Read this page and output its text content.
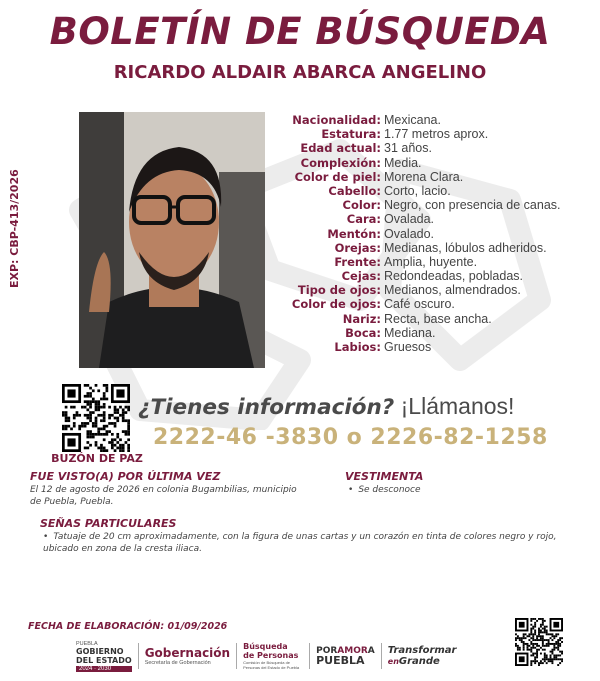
BOLETÍN DE BÚSQUEDA
RICARDO ALDAIR ABARCA ANGELINO
EXP: CBP-413/2026
Nacionalidad: Mexicana.
Estatura: 1.77 metros aprox.
Edad actual: 31 años.
Complexión: Media.
Color de piel: Morena Clara.
Cabello: Corto, lacio.
Color: Negro, con presencia de canas.
Cara: Ovalada.
Mentón: Ovalado.
Orejas: Medianas, lóbulos adheridos.
Frente: Amplia, huyente.
Cejas: Redondeadas, pobladas.
Tipo de ojos: Medianos, almendrados.
Color de ojos: Café oscuro.
Nariz: Recta, base ancha.
Boca: Mediana.
Labios: Gruesos
BUZÓN DE PAZ
¿Tienes información? ¡Llámanos!
2222-46 -3830 o 2226-82-1258
FUE VISTO(A) POR ÚLTIMA VEZ
El 12 de agosto de 2026 en colonia Bugambilias, municipio de Puebla, Puebla.
VESTIMENTA
• Se desconoce
SEÑAS PARTICULARES
• Tatuaje de 20 cm aproximadamente, con la figura de unas cartas y un corazón en tinta de colores negro y rojo, ubicado en zona de la cresta iliaca.
FECHA DE ELABORACIÓN: 01/09/2026
PUEBLA
GOBIERNO
DEL ESTADO
2024 · 2030
Gobernación
Secretaría de Gobernación
Búsqueda
de Personas
Comisión de Búsqueda de Personas del Estado de Puebla
PORAMORA
PUEBLA
Transformar
enGrande
